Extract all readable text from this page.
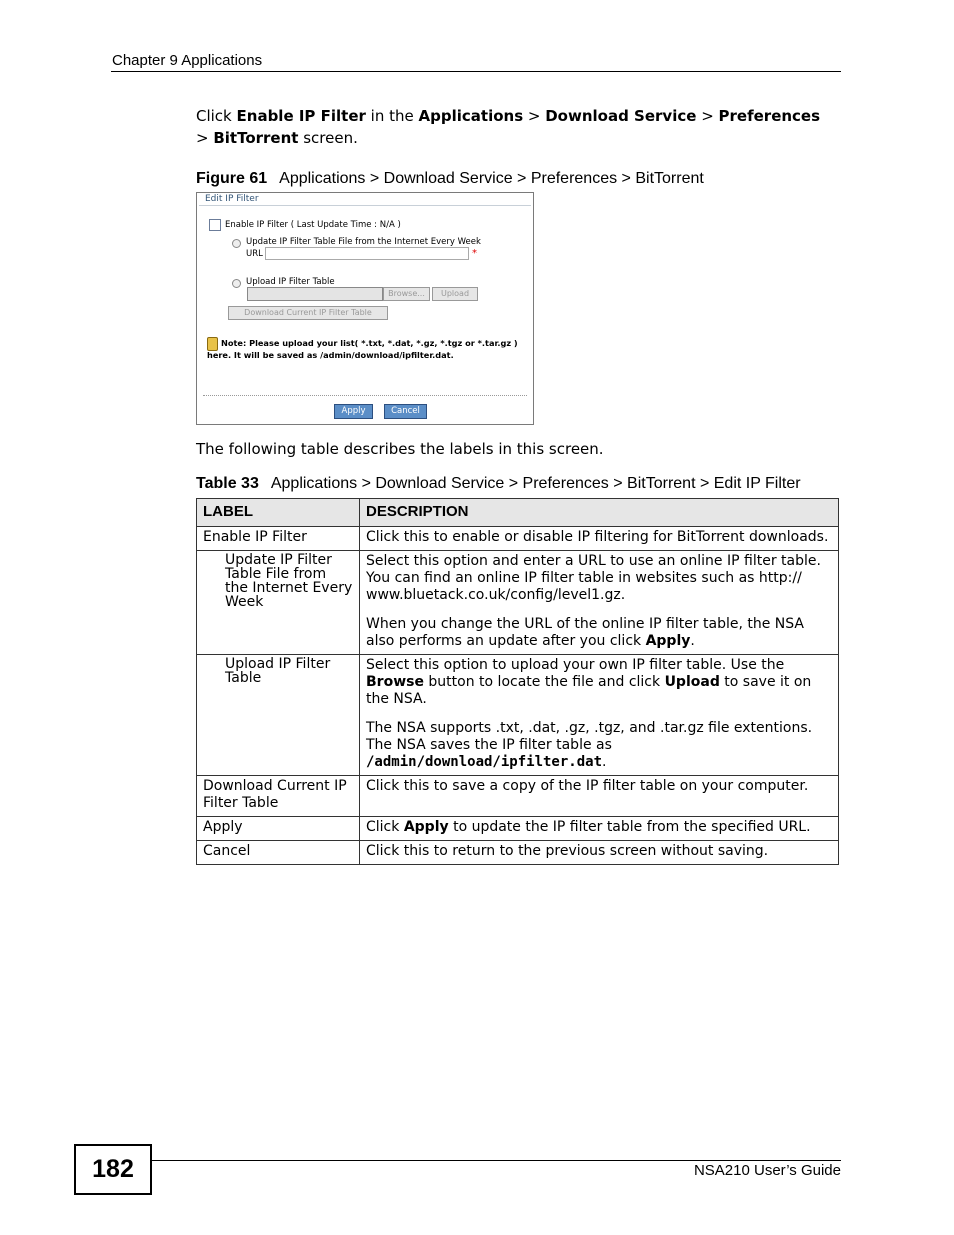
Chapter 9 Applications
Click Enable IP Filter in the Applications > Download Service > Preferences
> BitTorrent screen.
Figure 61 Applications > Download Service > Preferences > BitTorrent
Edit IP Filter
Enable IP Filter ( Last Update Time : N/A )
Update IP Filter Table File from the Internet Every Week
URL	*
Upload IP Filter Table
Browse...	Upload
Download Current IP Filter Table
Note: Please upload your list( *.txt, *.dat, *.gz, *.tgz or *.tar.gz ) here. It will be saved as /admin/download/ipfilter.dat.
Apply	Cancel
The following table describes the labels in this screen.
Table 33 Applications > Download Service > Preferences > BitTorrent > Edit IP Filter
LABEL	DESCRIPTION
Enable IP Filter	Click this to enable or disable IP filtering for BitTorrent downloads.
Update IP Filter Table File from the Internet Every Week	Select this option and enter a URL to use an online IP filter table. You can find an online IP filter table in websites such as http:// www.bluetack.co.uk/config/level1.gz.

When you change the URL of the online IP filter table, the NSA also performs an update after you click Apply.

Upload IP Filter Table	Select this option to upload your own IP filter table. Use the Browse button to locate the file and click Upload to save it on the NSA.

The NSA supports .txt, .dat, .gz, .tgz, and .tar.gz file extentions. The NSA saves the IP filter table as /admin/download/ipfilter.dat.

Download Current IP Filter Table	Click this to save a copy of the IP filter table on your computer.
Apply	Click Apply to update the IP filter table from the specified URL.
Cancel	Click this to return to the previous screen without saving.
182	NSA210 User’s Guide
